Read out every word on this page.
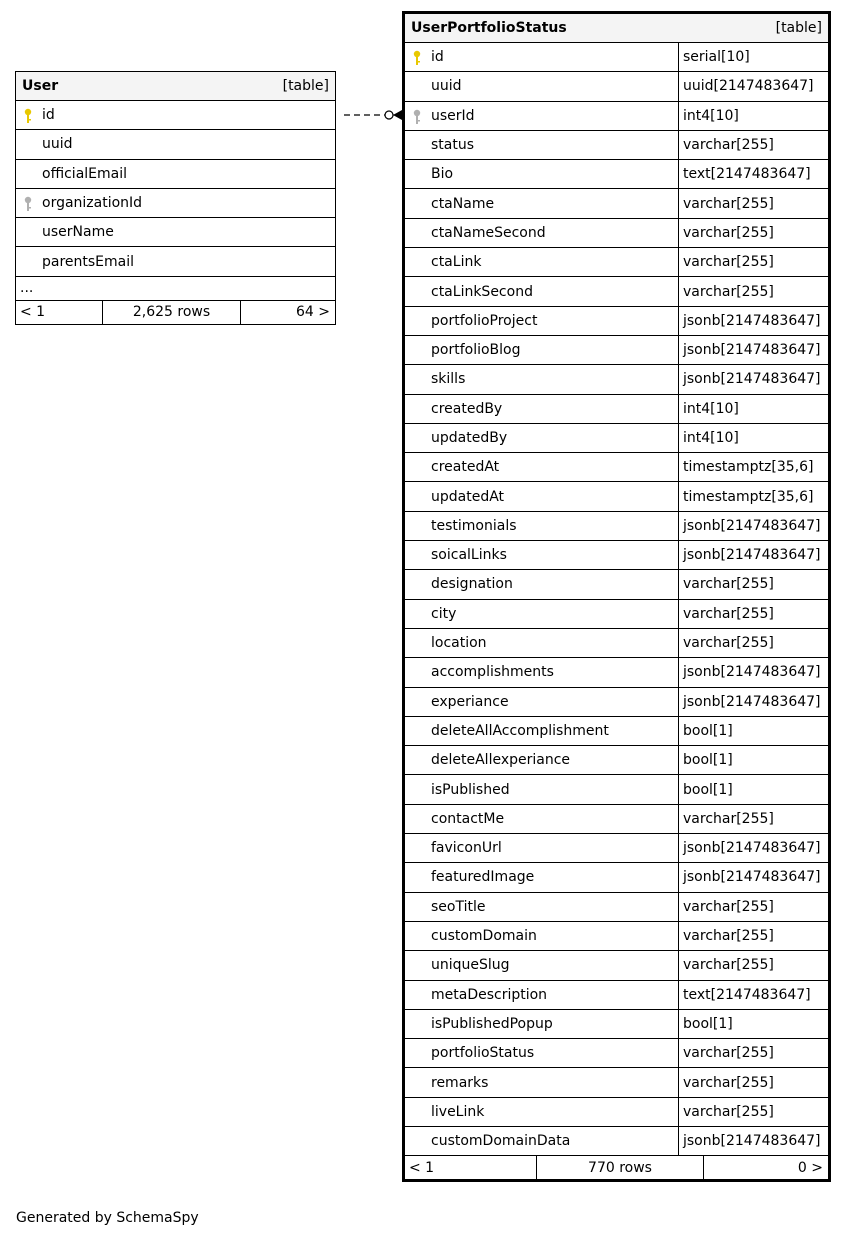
User	[table]
id
uuid
officialEmail
organizationId
userName
parentsEmail
...
< 1	2,625 rows	64 >
UserPortfolioStatus	[table]
id	serial[10]
uuid	uuid[2147483647]
userId	int4[10]
status	varchar[255]
Bio	text[2147483647]
ctaName	varchar[255]
ctaNameSecond	varchar[255]
ctaLink	varchar[255]
ctaLinkSecond	varchar[255]
portfolioProject	jsonb[2147483647]
portfolioBlog	jsonb[2147483647]
skills	jsonb[2147483647]
createdBy	int4[10]
updatedBy	int4[10]
createdAt	timestamptz[35,6]
updatedAt	timestamptz[35,6]
testimonials	jsonb[2147483647]
soicalLinks	jsonb[2147483647]
designation	varchar[255]
city	varchar[255]
location	varchar[255]
accomplishments	jsonb[2147483647]
experiance	jsonb[2147483647]
deleteAllAccomplishment	bool[1]
deleteAllexperiance	bool[1]
isPublished	bool[1]
contactMe	varchar[255]
faviconUrl	jsonb[2147483647]
featuredImage	jsonb[2147483647]
seoTitle	varchar[255]
customDomain	varchar[255]
uniqueSlug	varchar[255]
metaDescription	text[2147483647]
isPublishedPopup	bool[1]
portfolioStatus	varchar[255]
remarks	varchar[255]
liveLink	varchar[255]
customDomainData	jsonb[2147483647]
< 1	770 rows	0 >
Generated by SchemaSpy
